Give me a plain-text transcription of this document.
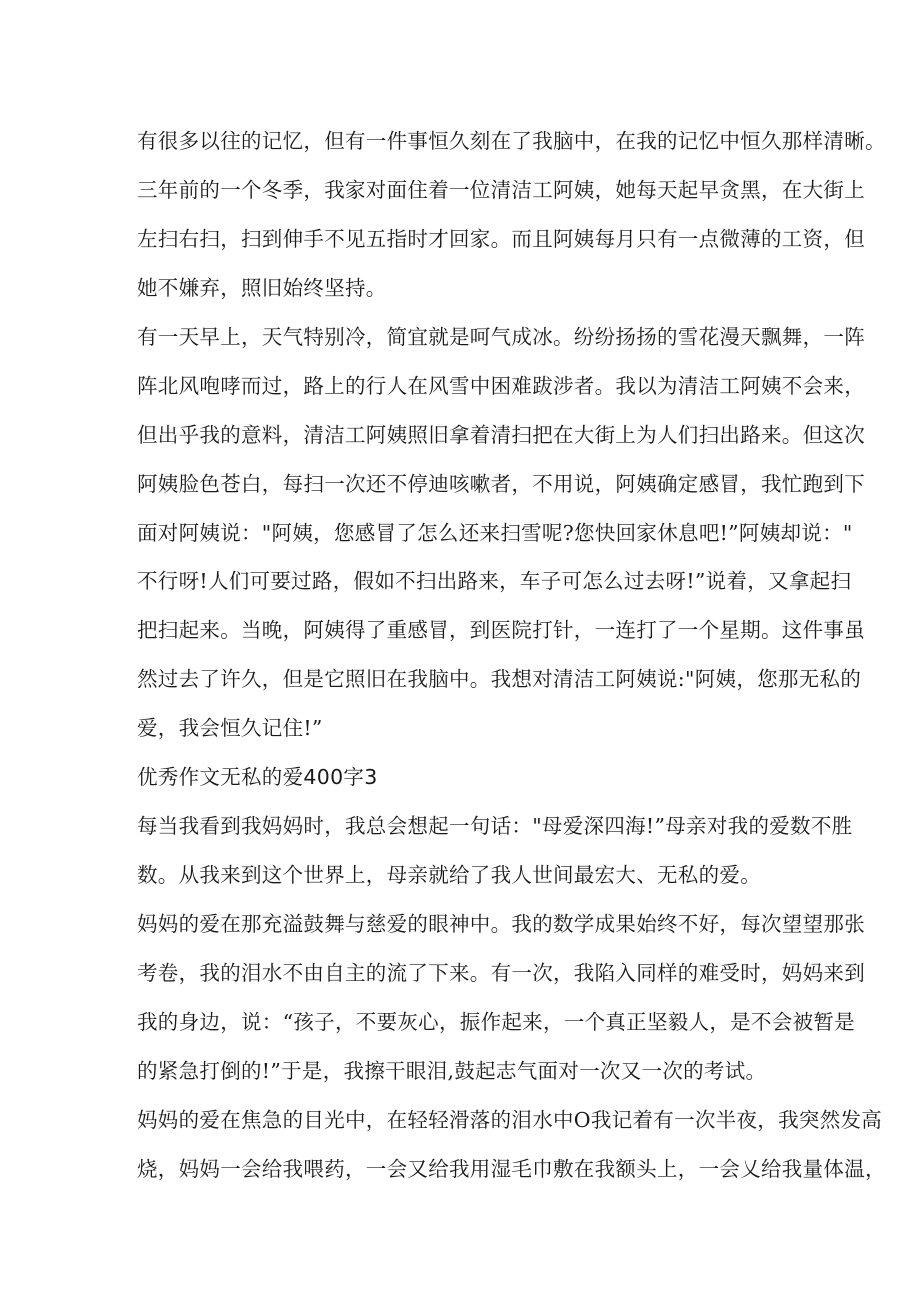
有很多以往的记忆，但有一件事恒久刻在了我脑中，在我的记忆中恒久那样清晰。
三年前的一个冬季，我家对面住着一位清洁工阿姨，她每天起早贪黑，在大街上
左扫右扫，扫到伸手不见五指时才回家。而且阿姨每月只有一点微薄的工资，但
她不嫌弃，照旧始终坚持。
有一天早上，天气特别冷，简宜就是呵气成冰。纷纷扬扬的雪花漫天飘舞，一阵
阵北风咆哮而过，路上的行人在风雪中困难跋涉者。我以为清洁工阿姨不会来，
但出乎我的意料，清洁工阿姨照旧拿着清扫把在大街上为人们扫出路来。但这次
阿姨脸色苍白，每扫一次还不停迪咳嗽者，不用说，阿姨确定感冒，我忙跑到下
面对阿姨说："阿姨，您感冒了怎么还来扫雪呢?您快回家休息吧!”阿姨却说："
不行呀!人们可要过路，假如不扫出路来，车子可怎么过去呀!”说着，又拿起扫
把扫起来。当晚，阿姨得了重感冒，到医院打针，一连打了一个星期。这件事虽
然过去了许久，但是它照旧在我脑中。我想对清洁工阿姨说:"阿姨，您那无私的
爱，我会恒久记住!”
优秀作文无私的爱400字3
每当我看到我妈妈时，我总会想起一句话："母爱深四海!”母亲对我的爱数不胜
数。从我来到这个世界上，母亲就给了我人世间最宏大、无私的爱。
妈妈的爱在那充溢鼓舞与慈爱的眼神中。我的数学成果始终不好，每次望望那张
考卷，我的泪水不由自主的流了下来。有一次，我陷入同样的难受时，妈妈来到
我的身边，说：“孩子，不要灰心，振作起来，一个真正坚毅人，是不会被暂是
的紧急打倒的!”于是，我擦干眼泪,鼓起志气面对一次又一次的考试。
妈妈的爱在焦急的目光中，在轻轻滑落的泪水中O我记着有一次半夜，我突然发高
烧，妈妈一会给我喂药，一会又给我用湿毛巾敷在我额头上，一会乂给我量体温，
